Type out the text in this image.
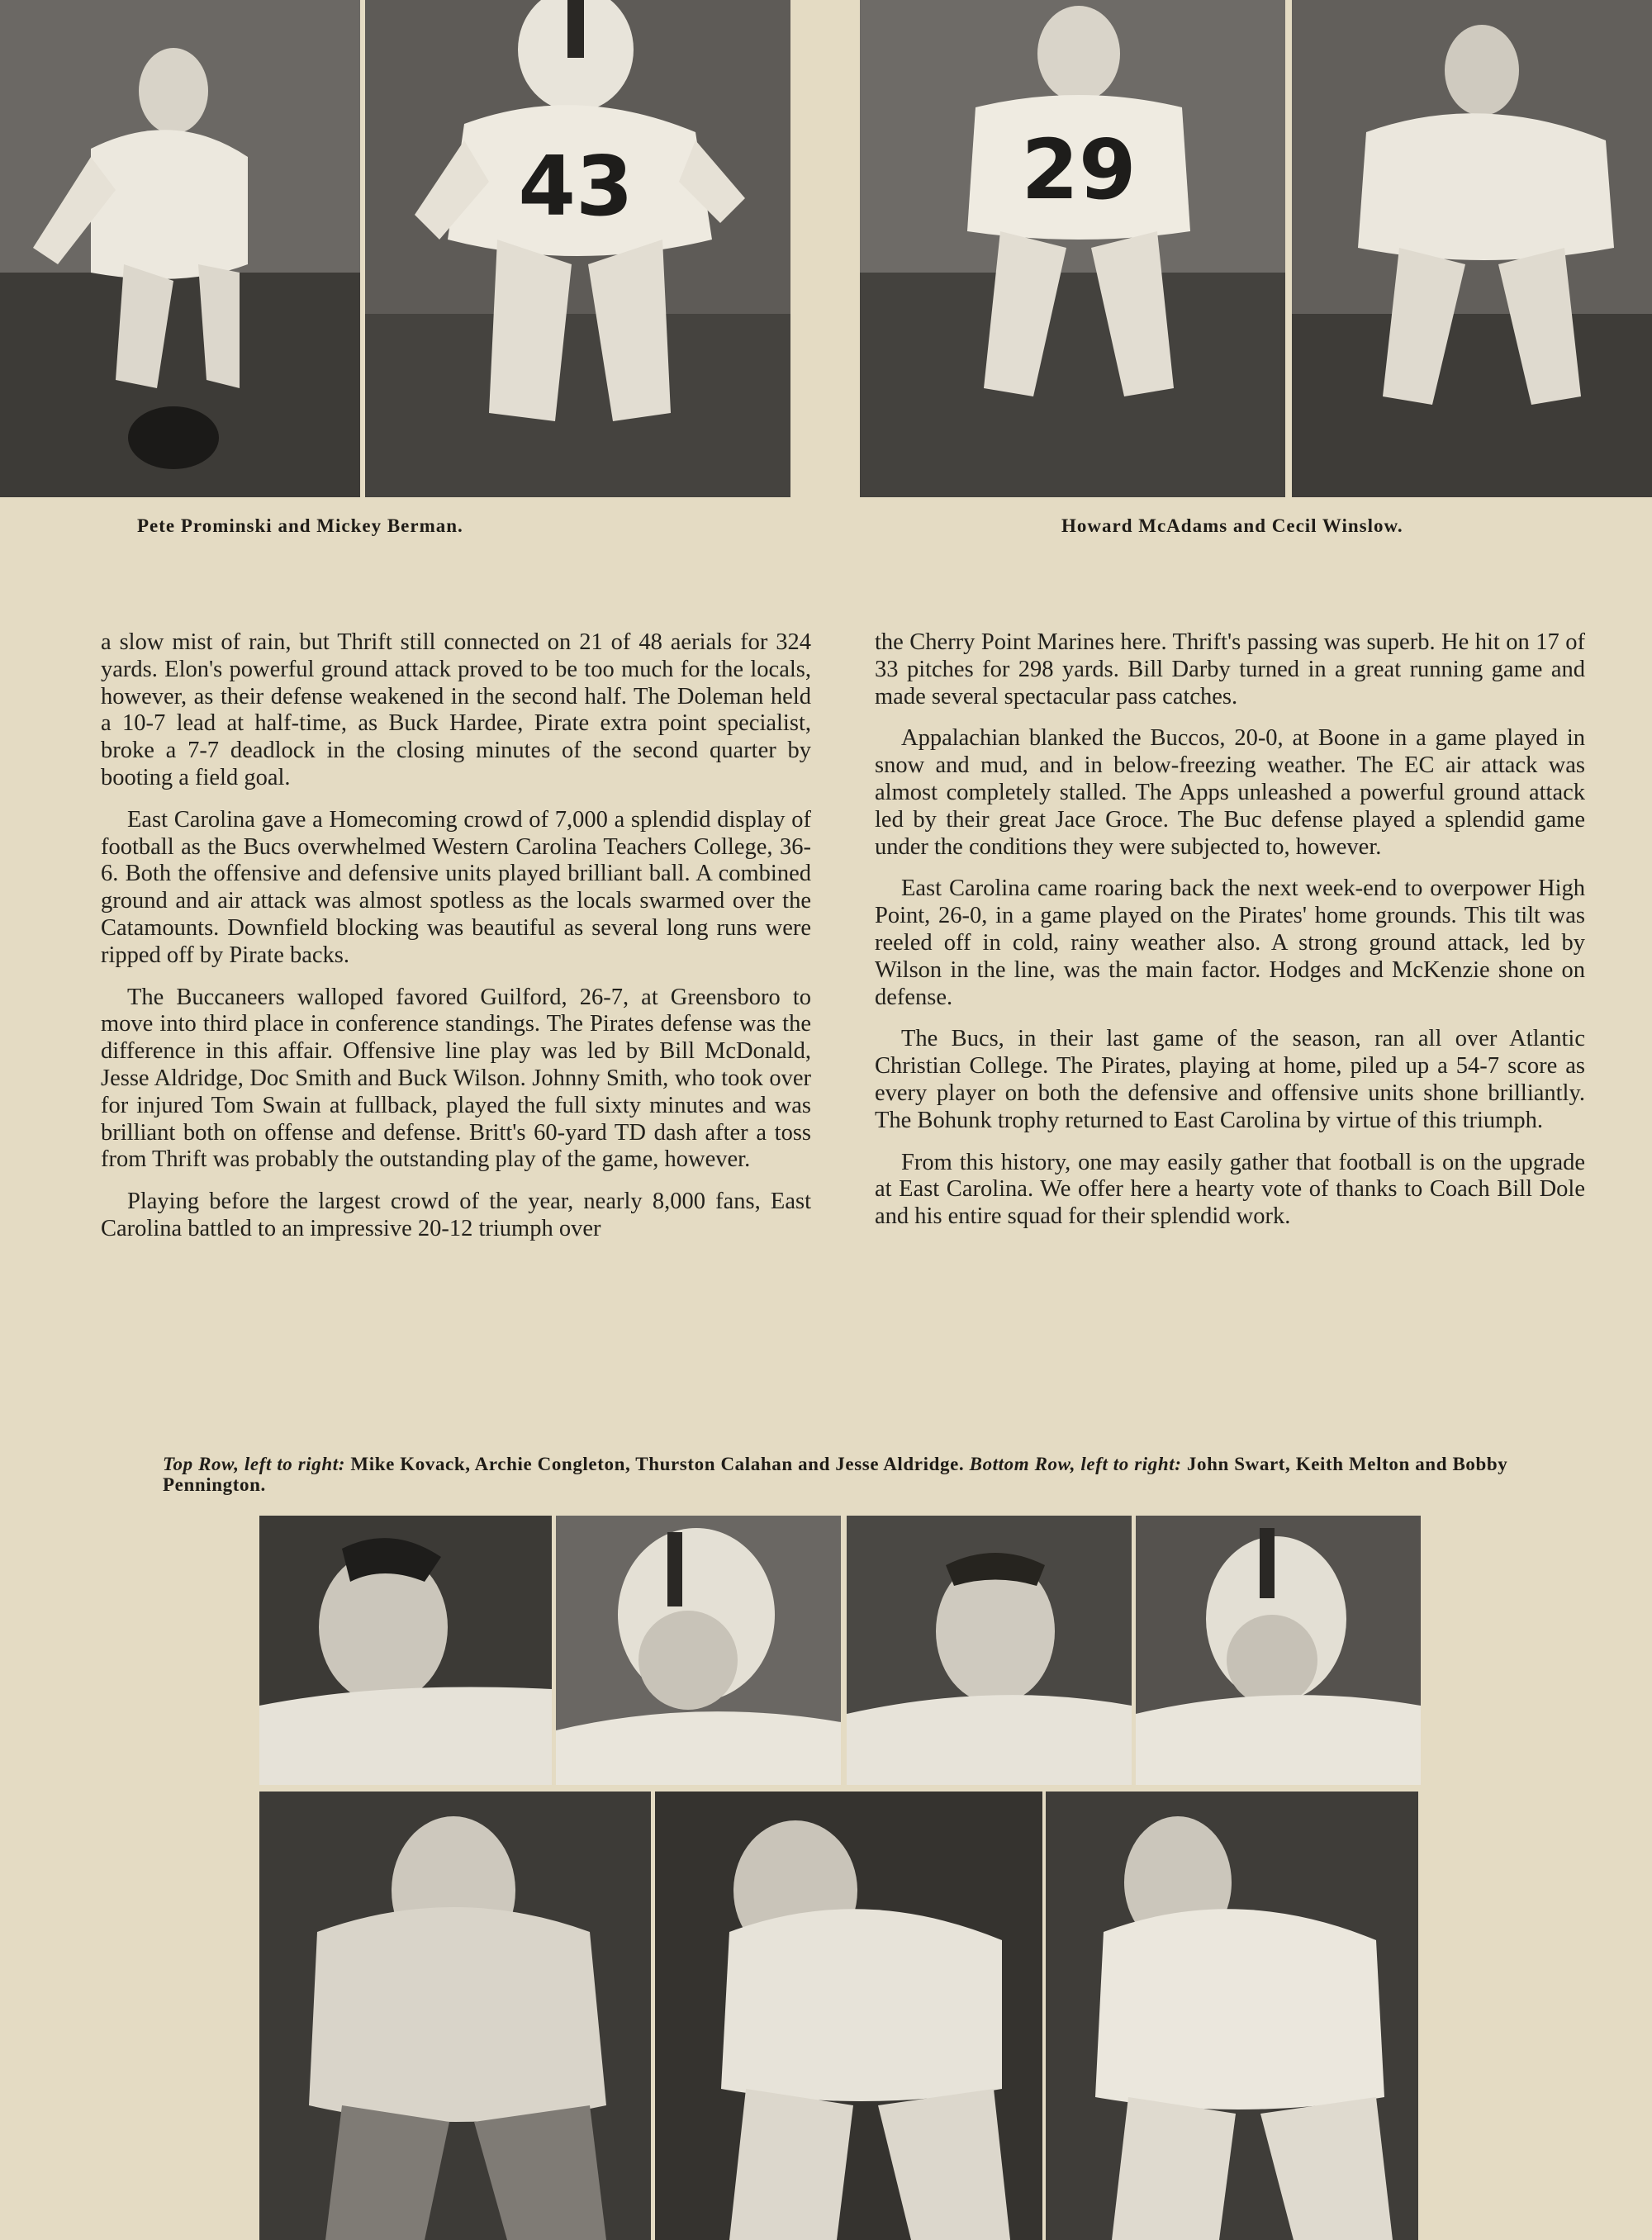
43	29
Pete Prominski and Mickey Berman.	Howard McAdams and Cecil Winslow.

a slow mist of rain, but Thrift still connected on 21 of 48 aerials for 324 yards. Elon's powerful ground attack proved to be too much for the locals, however, as their defense weakened in the second half. The Doleman held a 10-7 lead at half-time, as Buck Hardee, Pirate extra point specialist, broke a 7-7 deadlock in the closing minutes of the second quarter by booting a field goal.

East Carolina gave a Homecoming crowd of 7,000 a splendid display of football as the Bucs overwhelmed Western Carolina Teachers College, 36-6. Both the offensive and defensive units played brilliant ball. A combined ground and air attack was almost spotless as the locals swarmed over the Catamounts. Downfield blocking was beautiful as several long runs were ripped off by Pirate backs.

The Buccaneers walloped favored Guilford, 26-7, at Greensboro to move into third place in conference standings. The Pirates defense was the difference in this affair. Offensive line play was led by Bill McDonald, Jesse Aldridge, Doc Smith and Buck Wilson. Johnny Smith, who took over for injured Tom Swain at fullback, played the full sixty minutes and was brilliant both on offense and defense. Britt's 60-yard TD dash after a toss from Thrift was probably the outstanding play of the game, however.

Playing before the largest crowd of the year, nearly 8,000 fans, East Carolina battled to an impressive 20-12 triumph over

the Cherry Point Marines here. Thrift's passing was superb. He hit on 17 of 33 pitches for 298 yards. Bill Darby turned in a great running game and made several spectacular pass catches.

Appalachian blanked the Buccos, 20-0, at Boone in a game played in snow and mud, and in below-freezing weather. The EC air attack was almost completely stalled. The Apps unleashed a powerful ground attack led by their great Jace Groce. The Buc defense played a splendid game under the conditions they were subjected to, however.

East Carolina came roaring back the next week-end to overpower High Point, 26-0, in a game played on the Pirates' home grounds. This tilt was reeled off in cold, rainy weather also. A strong ground attack, led by Wilson in the line, was the main factor. Hodges and McKenzie shone on defense.

The Bucs, in their last game of the season, ran all over Atlantic Christian College. The Pirates, playing at home, piled up a 54-7 score as every player on both the defensive and offensive units shone brilliantly. The Bohunk trophy returned to East Carolina by virtue of this triumph.

From this history, one may easily gather that football is on the upgrade at East Carolina. We offer here a hearty vote of thanks to Coach Bill Dole and his entire squad for their splendid work.

Top Row, left to right: Mike Kovack, Archie Congleton, Thurston Calahan and Jesse Aldridge. Bottom Row, left to right: John Swart, Keith Melton and Bobby Pennington.
